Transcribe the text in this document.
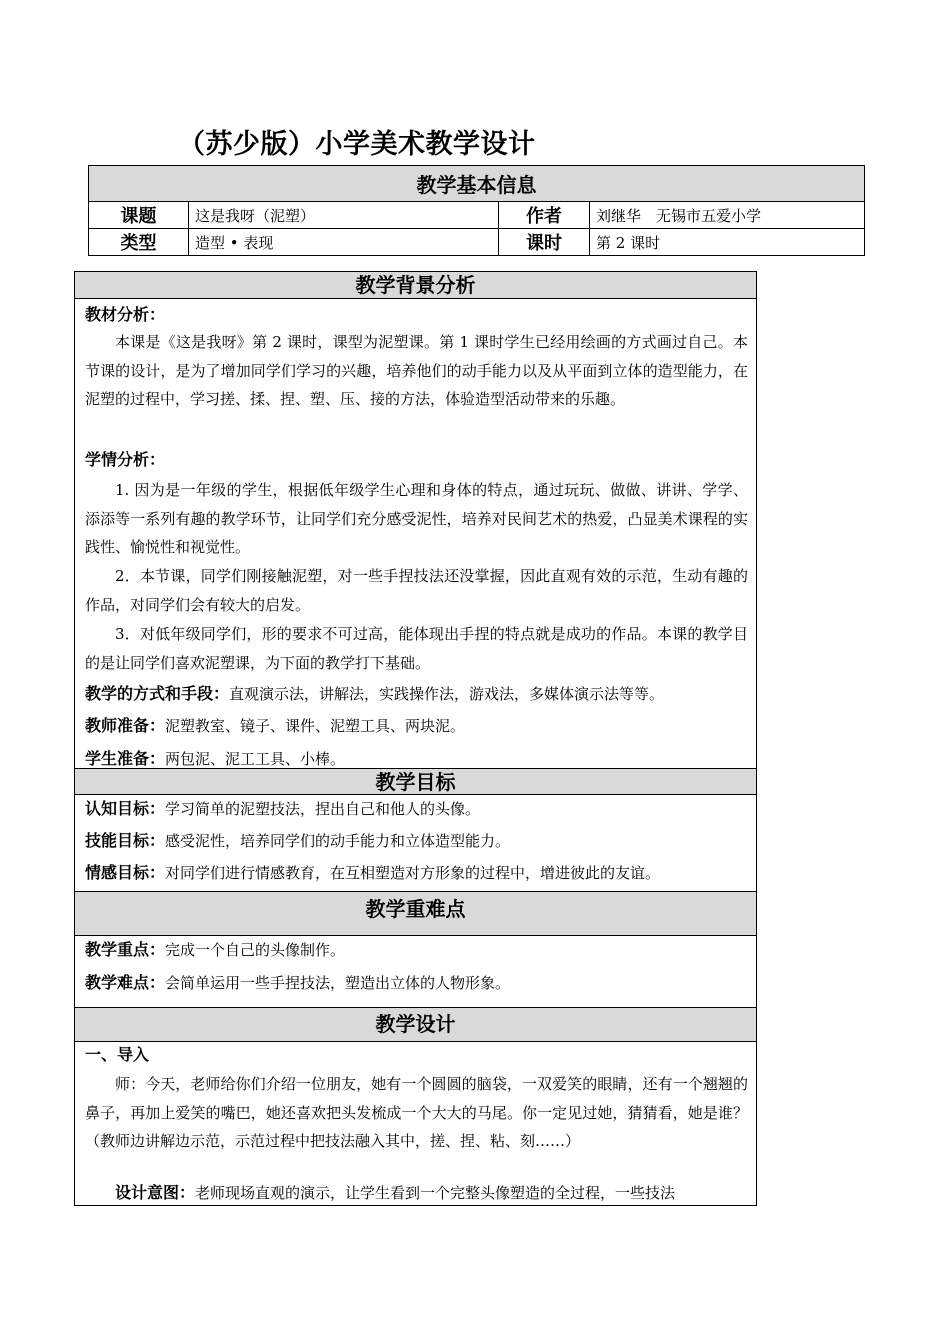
（苏少版）小学美术教学设计
教学基本信息			
课题	这是我呀（泥塑）	作者	刘继华　无锡市五爱小学
类型	造型 • 表现	课时	第 2 课时
教学背景分析
教材分析：
本课是《这是我呀》第 2 课时，课型为泥塑课。第 1 课时学生已经用绘画的方式画过自己。本节课的设计，是为了增加同学们学习的兴趣，培养他们的动手能力以及从平面到立体的造型能力，在泥塑的过程中，学习搓、揉、捏、塑、压、接的方法，体验造型活动带来的乐趣。
学情分析：
1. 因为是一年级的学生，根据低年级学生心理和身体的特点，通过玩玩、做做、讲讲、学学、添添等一系列有趣的教学环节，让同学们充分感受泥性，培养对民间艺术的热爱，凸显美术课程的实践性、愉悦性和视觉性。
2．本节课，同学们刚接触泥塑，对一些手捏技法还没掌握，因此直观有效的示范，生动有趣的作品，对同学们会有较大的启发。
3．对低年级同学们，形的要求不可过高，能体现出手捏的特点就是成功的作品。本课的教学目的是让同学们喜欢泥塑课，为下面的教学打下基础。
教学的方式和手段：直观演示法，讲解法，实践操作法，游戏法，多媒体演示法等等。
教师准备：泥塑教室、镜子、课件、泥塑工具、两块泥。
学生准备：两包泥、泥工工具、小棒。
教学目标
认知目标：学习简单的泥塑技法，捏出自己和他人的头像。
技能目标：感受泥性，培养同学们的动手能力和立体造型能力。
情感目标：对同学们进行情感教育，在互相塑造对方形象的过程中，增进彼此的友谊。
教学重难点
教学重点：完成一个自己的头像制作。
教学难点：会简单运用一些手捏技法，塑造出立体的人物形象。
教学设计
一、导入
师：今天，老师给你们介绍一位朋友，她有一个圆圆的脑袋，一双爱笑的眼睛，还有一个翘翘的鼻子，再加上爱笑的嘴巴，她还喜欢把头发梳成一个大大的马尾。你一定见过她，猜猜看，她是谁？（教师边讲解边示范，示范过程中把技法融入其中，搓、捏、粘、刻……）
设计意图：老师现场直观的演示，让学生看到一个完整头像塑造的全过程，一些技法
